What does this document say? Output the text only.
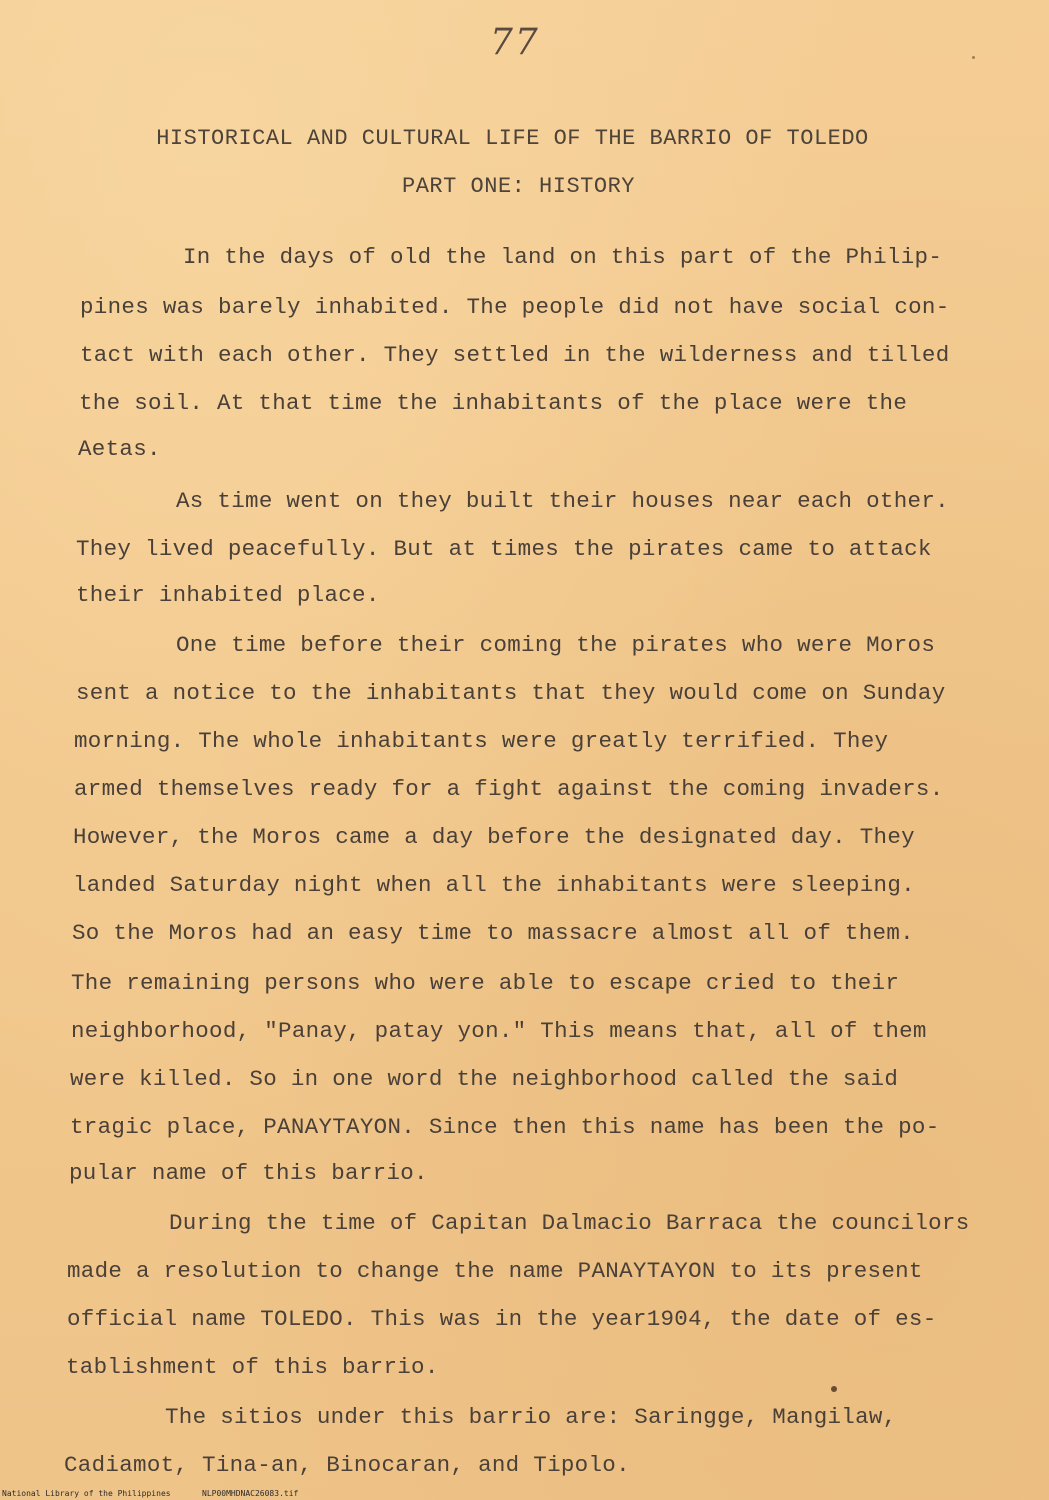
77
HISTORICAL AND CULTURAL LIFE OF THE BARRIO OF TOLEDO
PART ONE: HISTORY
In the days of old the land on this part of the Philip-
pines was barely inhabited. The people did not have social con-
tact with each other. They settled in the wilderness and tilled
the soil. At that time the inhabitants of the place were the
Aetas.
As time went on they built their houses near each other.
They lived peacefully. But at times the pirates came to attack
their inhabited place.
One time before their coming the pirates who were Moros
sent a notice to the inhabitants that they would come on Sunday
morning. The whole inhabitants were greatly terrified. They
armed themselves ready for a fight against the coming invaders.
However, the Moros came a day before the designated day. They
landed Saturday night when all the inhabitants were sleeping.
So the Moros had an easy time to massacre almost all of them.
The remaining persons who were able to escape cried to their
neighborhood, "Panay, patay yon." This means that, all of them
were killed. So in one word the neighborhood called the said
tragic place, PANAYTAYON. Since then this name has been the po-
pular name of this barrio.
During the time of Capitan Dalmacio Barraca the councilors
made a resolution to change the name PANAYTAYON to its present
official name TOLEDO. This was in the year1904, the date of es-
tablishment of this barrio.
The sitios under this barrio are: Saringge, Mangilaw,
Cadiamot, Tina-an, Binocaran, and Tipolo.
National Library of the Philippines	NLP00MHDNAC26083.tif
